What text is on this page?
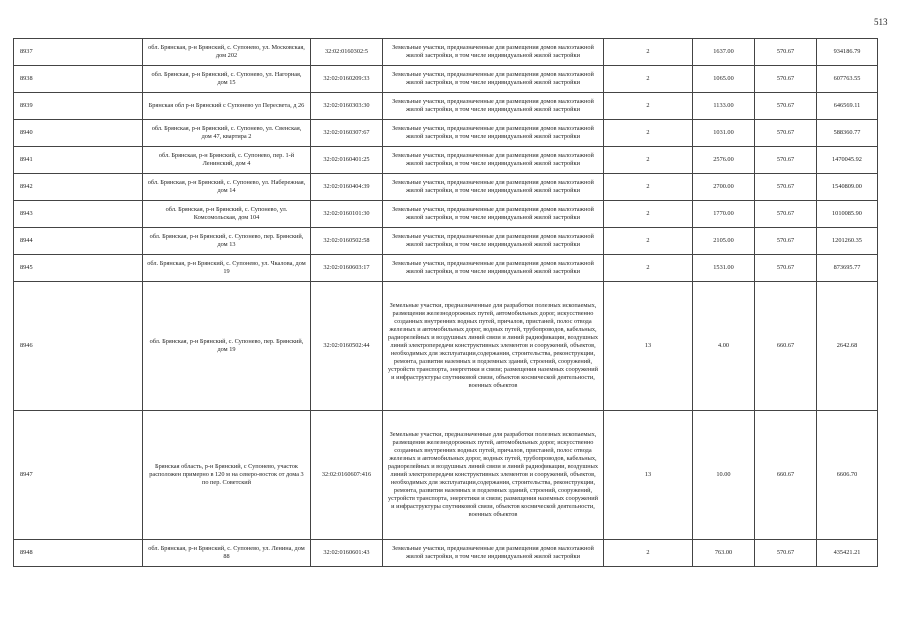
513
8937	обл. Брянская, р-н Брянский, с. Супонево, ул. Московская, дом 202	32:02:0160302:5	Земельные участки, предназначенные для размещения домов малоэтажной жилой застройки, в том числе индивидуальной жилой застройки	2	1637.00	570.67	934186.79
8938	обл. Брянская, р-н Брянский, с. Супонево, ул. Нагорная, дом 15	32:02:0160209:33	Земельные участки, предназначенные для размещения домов малоэтажной жилой застройки, в том числе индивидуальной жилой застройки	2	1065.00	570.67	607763.55
8939	Брянская обл р-н Брянский с Супонево ул Пересвета, д 26	32:02:0160303:30	Земельные участки, предназначенные для размещения домов малоэтажной жилой застройки, в том числе индивидуальной жилой застройки	2	1133.00	570.67	646569.11
8940	обл. Брянская, р-н Брянский, с. Супонево, ул. Свенская, дом 47, квартира 2	32:02:0160307:67	Земельные участки, предназначенные для размещения домов малоэтажной жилой застройки, в том числе индивидуальной жилой застройки	2	1031.00	570.67	588360.77
8941	обл. Брянская, р-н Брянский, с. Супонево, пер. 1-й Ленинский, дом 4	32:02:0160401:25	Земельные участки, предназначенные для размещения домов малоэтажной жилой застройки, в том числе индивидуальной жилой застройки	2	2576.00	570.67	1470045.92
8942	обл. Брянская, р-н Брянский, с. Супонево, ул. Набережная, дом 14	32:02:0160404:39	Земельные участки, предназначенные для размещения домов малоэтажной жилой застройки, в том числе индивидуальной жилой застройки	2	2700.00	570.67	1540809.00
8943	обл. Брянская, р-н Брянский, с. Супонево, ул. Комсомольская, дом 104	32:02:0160101:30	Земельные участки, предназначенные для размещения домов малоэтажной жилой застройки, в том числе индивидуальной жилой застройки	2	1770.00	570.67	1010085.90
8944	обл. Брянская, р-н Брянский, с. Супонево, пер. Брянский, дом 13	32:02:0160502:58	Земельные участки, предназначенные для размещения домов малоэтажной жилой застройки, в том числе индивидуальной жилой застройки	2	2105.00	570.67	1201260.35
8945	обл. Брянская, р-н Брянский, с. Супонево, ул. Чкалова, дом 19	32:02:0160603:17	Земельные участки, предназначенные для размещения домов малоэтажной жилой застройки, в том числе индивидуальной жилой застройки	2	1531.00	570.67	873695.77
8946	обл. Брянская, р-н Брянский, с. Супонево, пер. Брянский, дом 19	32:02:0160502:44	Земельные участки, предназначенные для разработки полезных ископаемых, размещения железнодорожных путей, автомобильных дорог, искусственно созданных внутренних водных путей, причалов, пристаней, полос отвода железных и автомобильных дорог, водных путей, трубопроводов, кабельных, радиорелейных и воздушных линий связи и линий радиофикации, воздушных линий электропередачи конструктивных элементов и сооружений, объектов, необходимых для эксплуатации,содержания, строительства, реконструкции, ремонта, развития наземных и подземных зданий, строений, сооружений, устройств транспорта, энергетики и связи; размещения наземных сооружений и инфраструктуры спутниковой связи, объектов космической деятельности, военных объектов	13	4.00	660.67	2642.68
8947	Брянская область, р-н Брянский, с Супонево, участок расположен примерно в 120 м на северо-восток от дома 3 по пер. Советский	32:02:0160607:416	Земельные участки, предназначенные для разработки полезных ископаемых, размещения железнодорожных путей, автомобильных дорог, искусственно созданных внутренних водных путей, причалов, пристаней, полос отвода железных и автомобильных дорог, водных путей, трубопроводов, кабельных, радиорелейных и воздушных линий связи и линий радиофикации, воздушных линий электропередачи конструктивных элементов и сооружений, объектов, необходимых для эксплуатации,содержания, строительства, реконструкции, ремонта, развития наземных и подземных зданий, строений, сооружений, устройств транспорта, энергетики и связи; размещения наземных сооружений и инфраструктуры спутниковой связи, объектов космической деятельности, военных объектов	13	10.00	660.67	6606.70
8948	обл. Брянская, р-н Брянский, с. Супонево, ул. Ленина, дом 88	32:02:0160601:43	Земельные участки, предназначенные для размещения домов малоэтажной жилой застройки, в том числе индивидуальной жилой застройки	2	763.00	570.67	435421.21
